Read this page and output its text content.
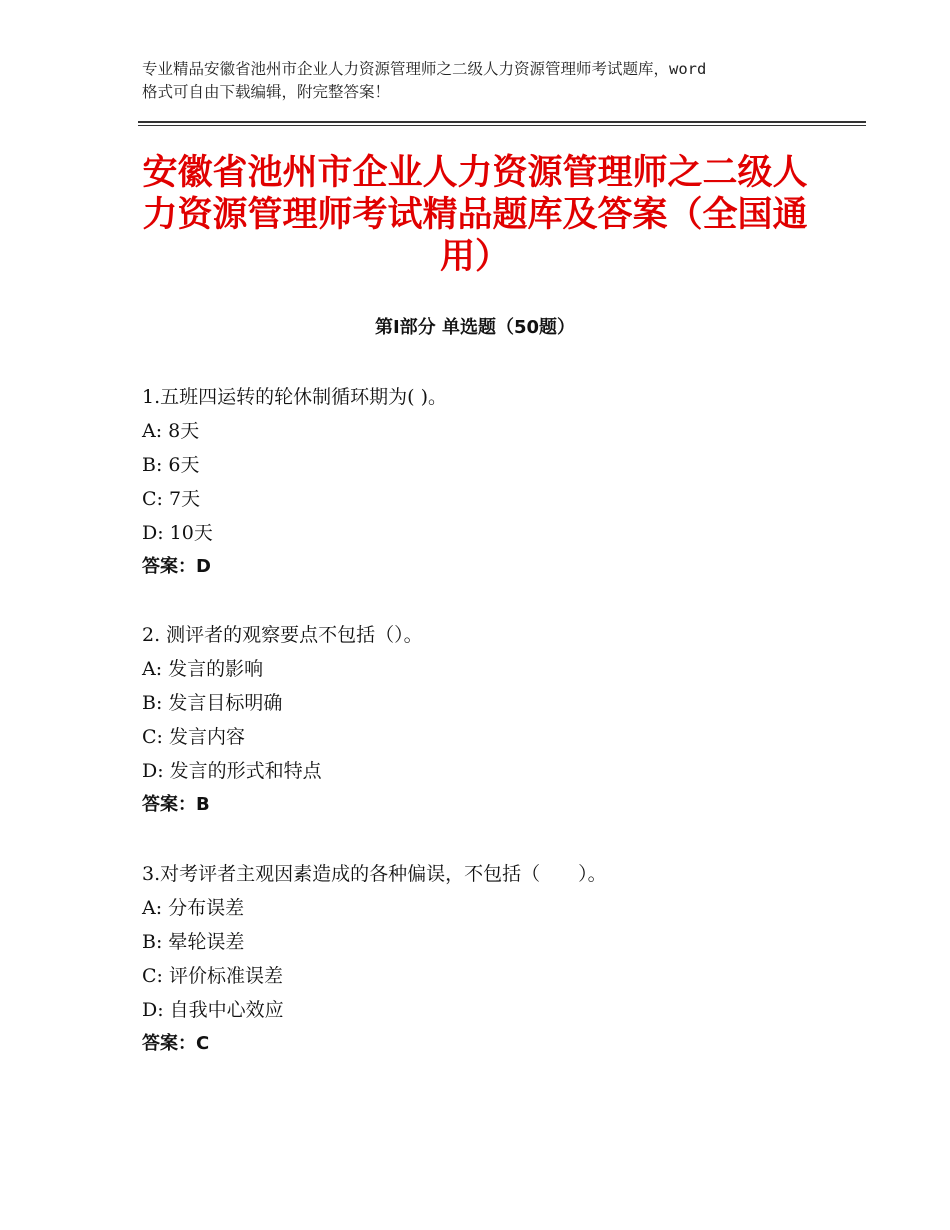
专业精品安徽省池州市企业人力资源管理师之二级人力资源管理师考试题库，word
格式可自由下载编辑，附完整答案！
安徽省池州市企业人力资源管理师之二级人
力资源管理师考试精品题库及答案（全国通
用）
第Ⅰ部分 单选题（50题）
1.五班四运转的轮休制循环期为( )。
A: 8天
B: 6天
C: 7天
D: 10天
答案：D
2. 测评者的观察要点不包括（）。
A: 发言的影响
B: 发言目标明确
C: 发言内容
D: 发言的形式和特点
答案：B
3.对考评者主观因素造成的各种偏误，不包括（　　）。
A: 分布误差
B: 晕轮误差
C: 评价标准误差
D: 自我中心效应
答案：C
